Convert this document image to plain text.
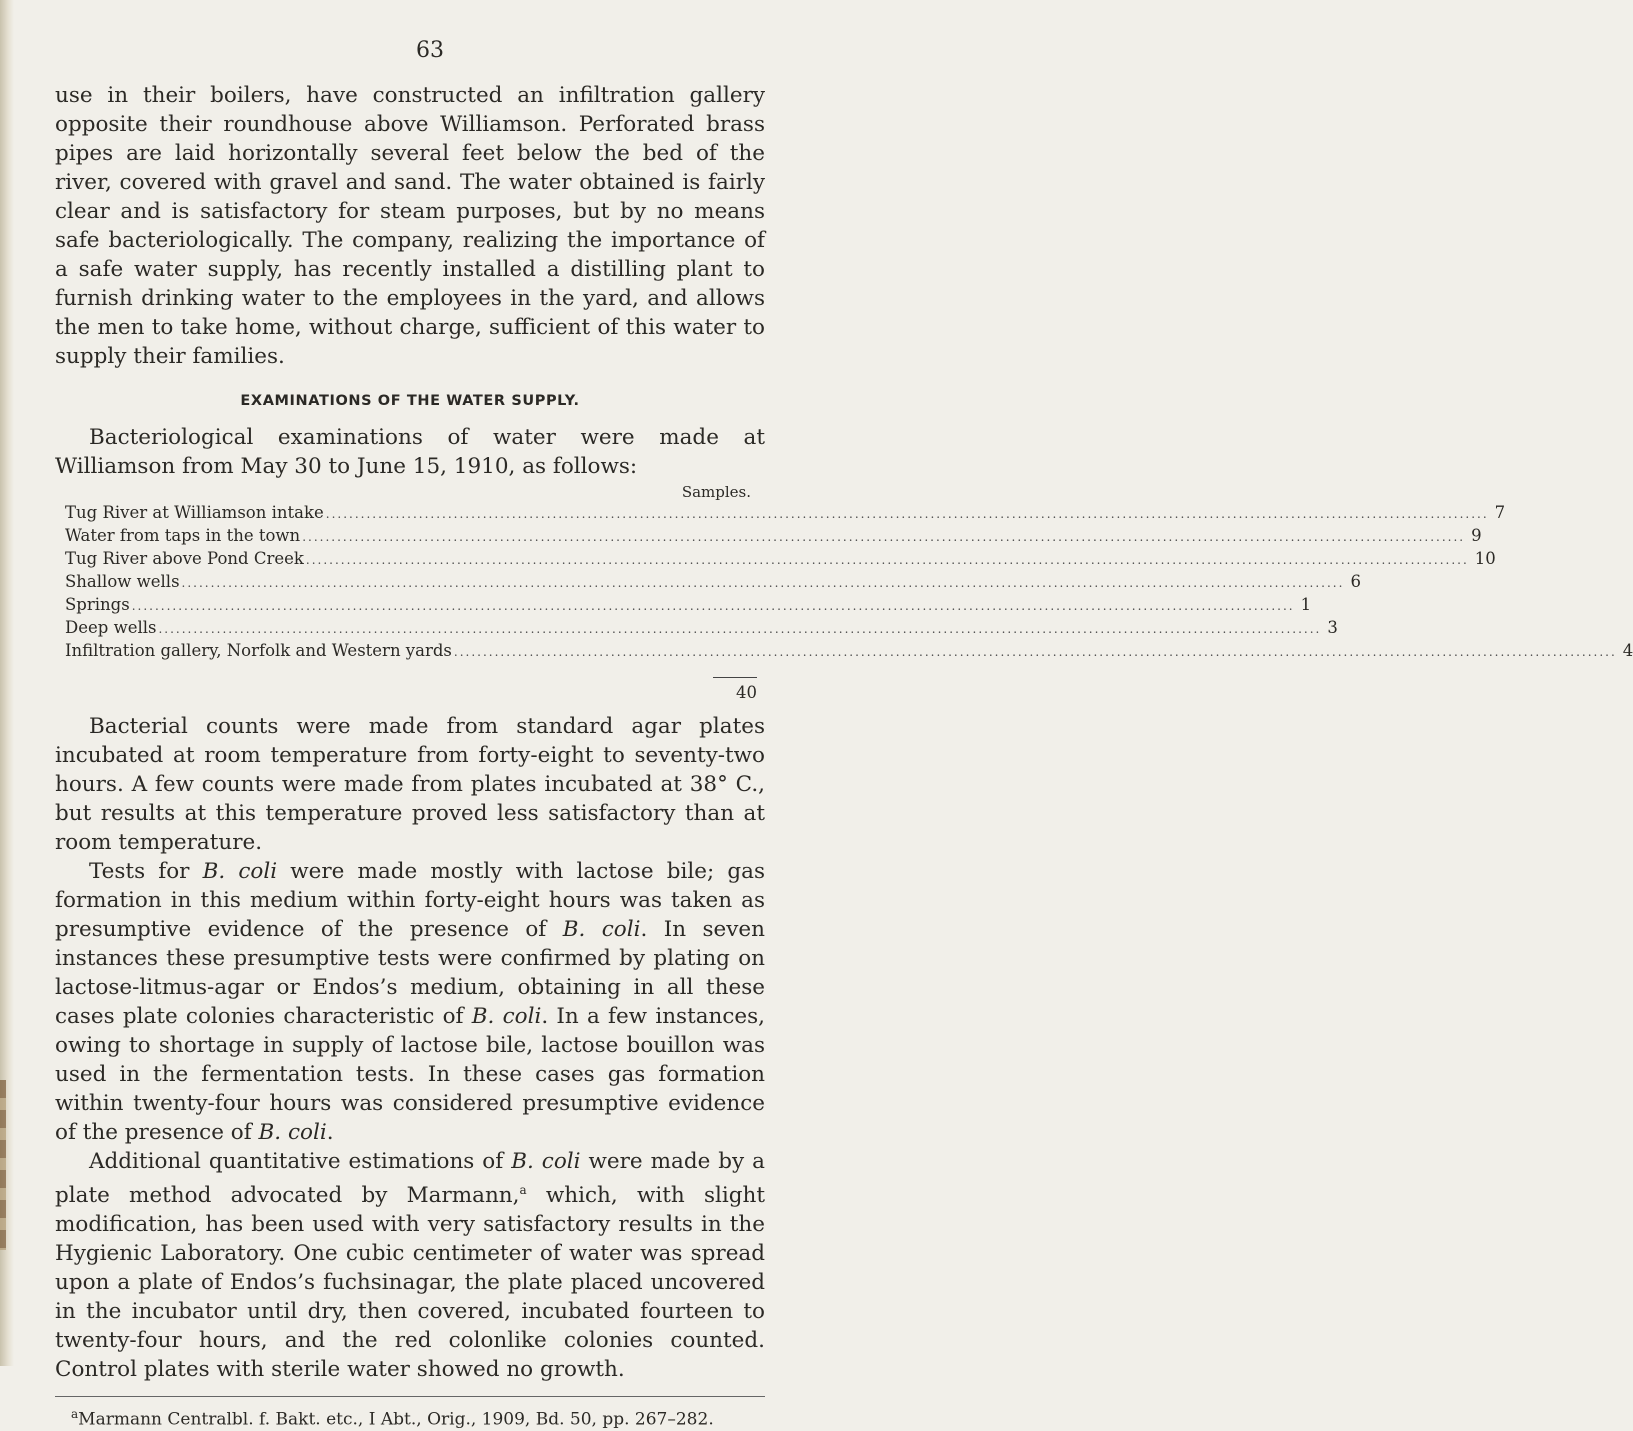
63

use in their boilers, have constructed an infiltration gallery opposite their roundhouse above Williamson. Perforated brass pipes are laid horizontally several feet below the bed of the river, covered with gravel and sand. The water obtained is fairly clear and is satisfactory for steam purposes, but by no means safe bacteriologically. The company, realizing the importance of a safe water supply, has recently installed a distilling plant to furnish drinking water to the employees in the yard, and allows the men to take home, without charge, sufficient of this water to supply their families.

EXAMINATIONS OF THE WATER SUPPLY.

Bacteriological examinations of water were made at Williamson from May 30 to June 15, 1910, as follows:

Samples.
Tug River at Williamson intake ........................................................................................................................................................................................................ 7
Water from taps in the town ........................................................................................................................................................................................................ 9
Tug River above Pond Creek ........................................................................................................................................................................................................ 10
Shallow wells ........................................................................................................................................................................................................ 6
Springs ........................................................................................................................................................................................................ 1
Deep wells ........................................................................................................................................................................................................ 3
Infiltration gallery, Norfolk and Western yards ........................................................................................................................................................................................................ 4
40

Bacterial counts were made from standard agar plates incubated at room temperature from forty-eight to seventy-two hours. A few counts were made from plates incubated at 38° C., but results at this temperature proved less satisfactory than at room temperature.

Tests for B. coli were made mostly with lactose bile; gas formation in this medium within forty-eight hours was taken as presumptive evidence of the presence of B. coli. In seven instances these presumptive tests were confirmed by plating on lactose-litmus-agar or Endos’s medium, obtaining in all these cases plate colonies characteristic of B. coli. In a few instances, owing to shortage in supply of lactose bile, lactose bouillon was used in the fermentation tests. In these cases gas formation within twenty-four hours was considered presumptive evidence of the presence of B. coli.

Additional quantitative estimations of B. coli were made by a plate method advocated by Marmann,$^a$ which, with slight modification, has been used with very satisfactory results in the Hygienic Laboratory. One cubic centimeter of water was spread upon a plate of Endos’s fuchsinagar, the plate placed uncovered in the incubator until dry, then covered, incubated fourteen to twenty-four hours, and the red colonlike colonies counted. Control plates with sterile water showed no growth.

$^a$Marmann Centralbl. f. Bakt. etc., I Abt., Orig., 1909, Bd. 50, pp. 267–282.
